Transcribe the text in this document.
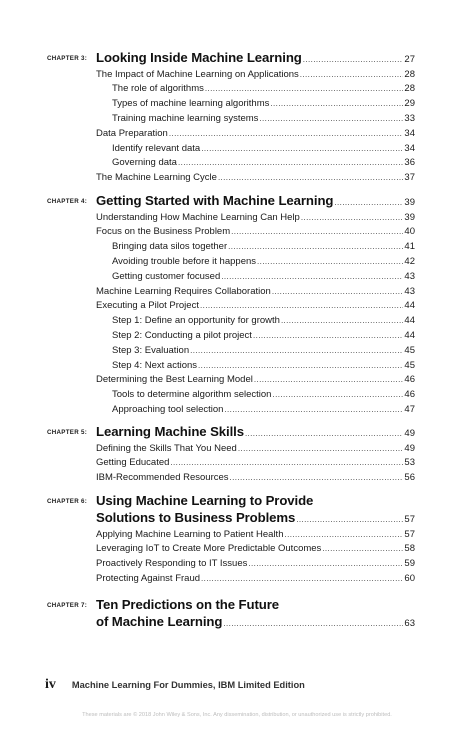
CHAPTER 3: Looking Inside Machine Learning .....	27
The Impact of Machine Learning on Applications .....	28
The role of algorithms .....	28
Types of machine learning algorithms .....	29
Training machine learning systems .....	33
Data Preparation .....	34
Identify relevant data .....	34
Governing data .....	36
The Machine Learning Cycle .....	37
CHAPTER 4: Getting Started with Machine Learning .....	39
Understanding How Machine Learning Can Help .....	39
Focus on the Business Problem .....	40
Bringing data silos together .....	41
Avoiding trouble before it happens .....	42
Getting customer focused .....	43
Machine Learning Requires Collaboration .....	43
Executing a Pilot Project .....	44
Step 1: Define an opportunity for growth .....	44
Step 2: Conducting a pilot project .....	44
Step 3: Evaluation .....	45
Step 4: Next actions .....	45
Determining the Best Learning Model .....	46
Tools to determine algorithm selection .....	46
Approaching tool selection .....	47
CHAPTER 5: Learning Machine Skills .....	49
Defining the Skills That You Need .....	49
Getting Educated .....	53
IBM-Recommended Resources .....	56
CHAPTER 6: Using Machine Learning to Provide
Solutions to Business Problems .....	57
Applying Machine Learning to Patient Health .....	57
Leveraging IoT to Create More Predictable Outcomes .....	58
Proactively Responding to IT Issues .....	59
Protecting Against Fraud .....	60
CHAPTER 7: Ten Predictions on the Future
of Machine Learning .....	63
iv Machine Learning For Dummies, IBM Limited Edition
These materials are © 2018 John Wiley & Sons, Inc. Any dissemination, distribution, or unauthorized use is strictly prohibited.
